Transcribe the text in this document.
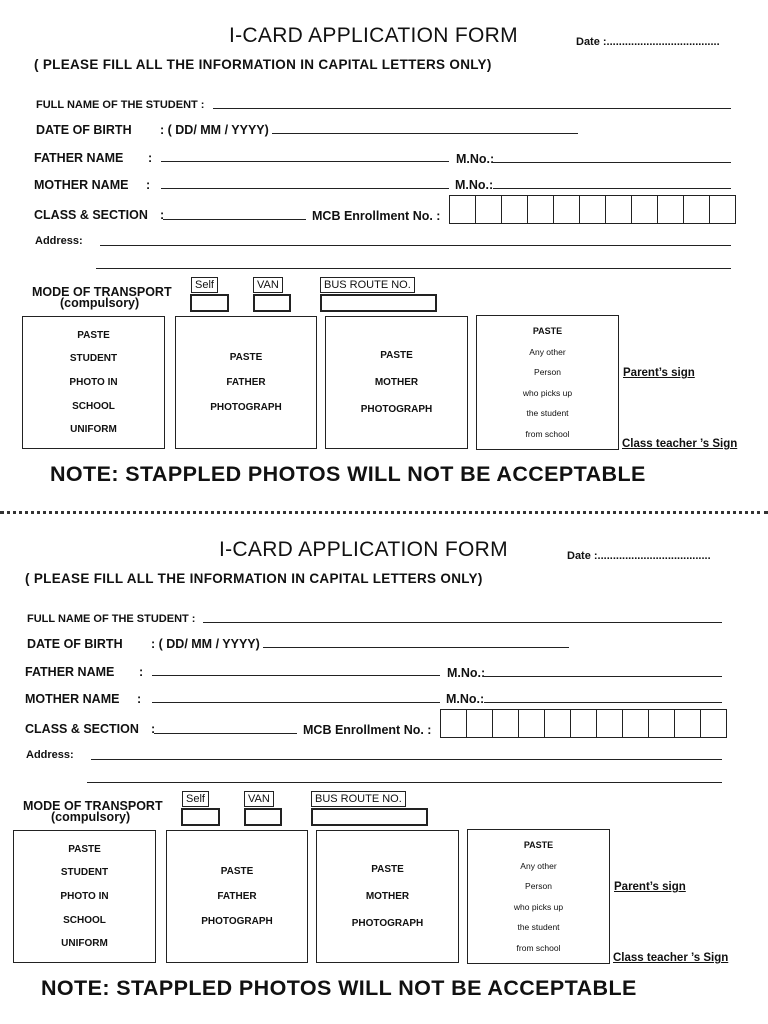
I-CARD APPLICATION FORM	Date :.....................................
( PLEASE FILL ALL THE INFORMATION IN CAPITAL LETTERS ONLY)
FULL NAME OF THE STUDENT :
DATE OF BIRTH : ( DD/ MM / YYYY)
FATHER NAME :	M.No.:
MOTHER NAME :	M.No.:
CLASS & SECTION :	MCB Enrollment No. :
Address:
MODE OF TRANSPORT
(compulsory)
Self	VAN	BUS ROUTE NO.
PASTE
STUDENT
PHOTO IN
SCHOOL
UNIFORM
PASTE
FATHER
PHOTOGRAPH
PASTE
MOTHER
PHOTOGRAPH
PASTE
Any other
Person
who picks up
the student
from school
Parent’s sign
Class teacher ’s Sign
NOTE: STAPPLED PHOTOS WILL NOT BE ACCEPTABLE
I-CARD APPLICATION FORM	Date :.....................................
( PLEASE FILL ALL THE INFORMATION IN CAPITAL LETTERS ONLY)
FULL NAME OF THE STUDENT :
DATE OF BIRTH : ( DD/ MM / YYYY)
FATHER NAME :	M.No.:
MOTHER NAME :	M.No.:
CLASS & SECTION :	MCB Enrollment No. :
Address:
MODE OF TRANSPORT
(compulsory)
Self	VAN	BUS ROUTE NO.
PASTE
STUDENT
PHOTO IN
SCHOOL
UNIFORM
PASTE
FATHER
PHOTOGRAPH
PASTE
MOTHER
PHOTOGRAPH
PASTE
Any other
Person
who picks up
the student
from school
Parent’s sign
Class teacher ’s Sign
NOTE: STAPPLED PHOTOS WILL NOT BE ACCEPTABLE
